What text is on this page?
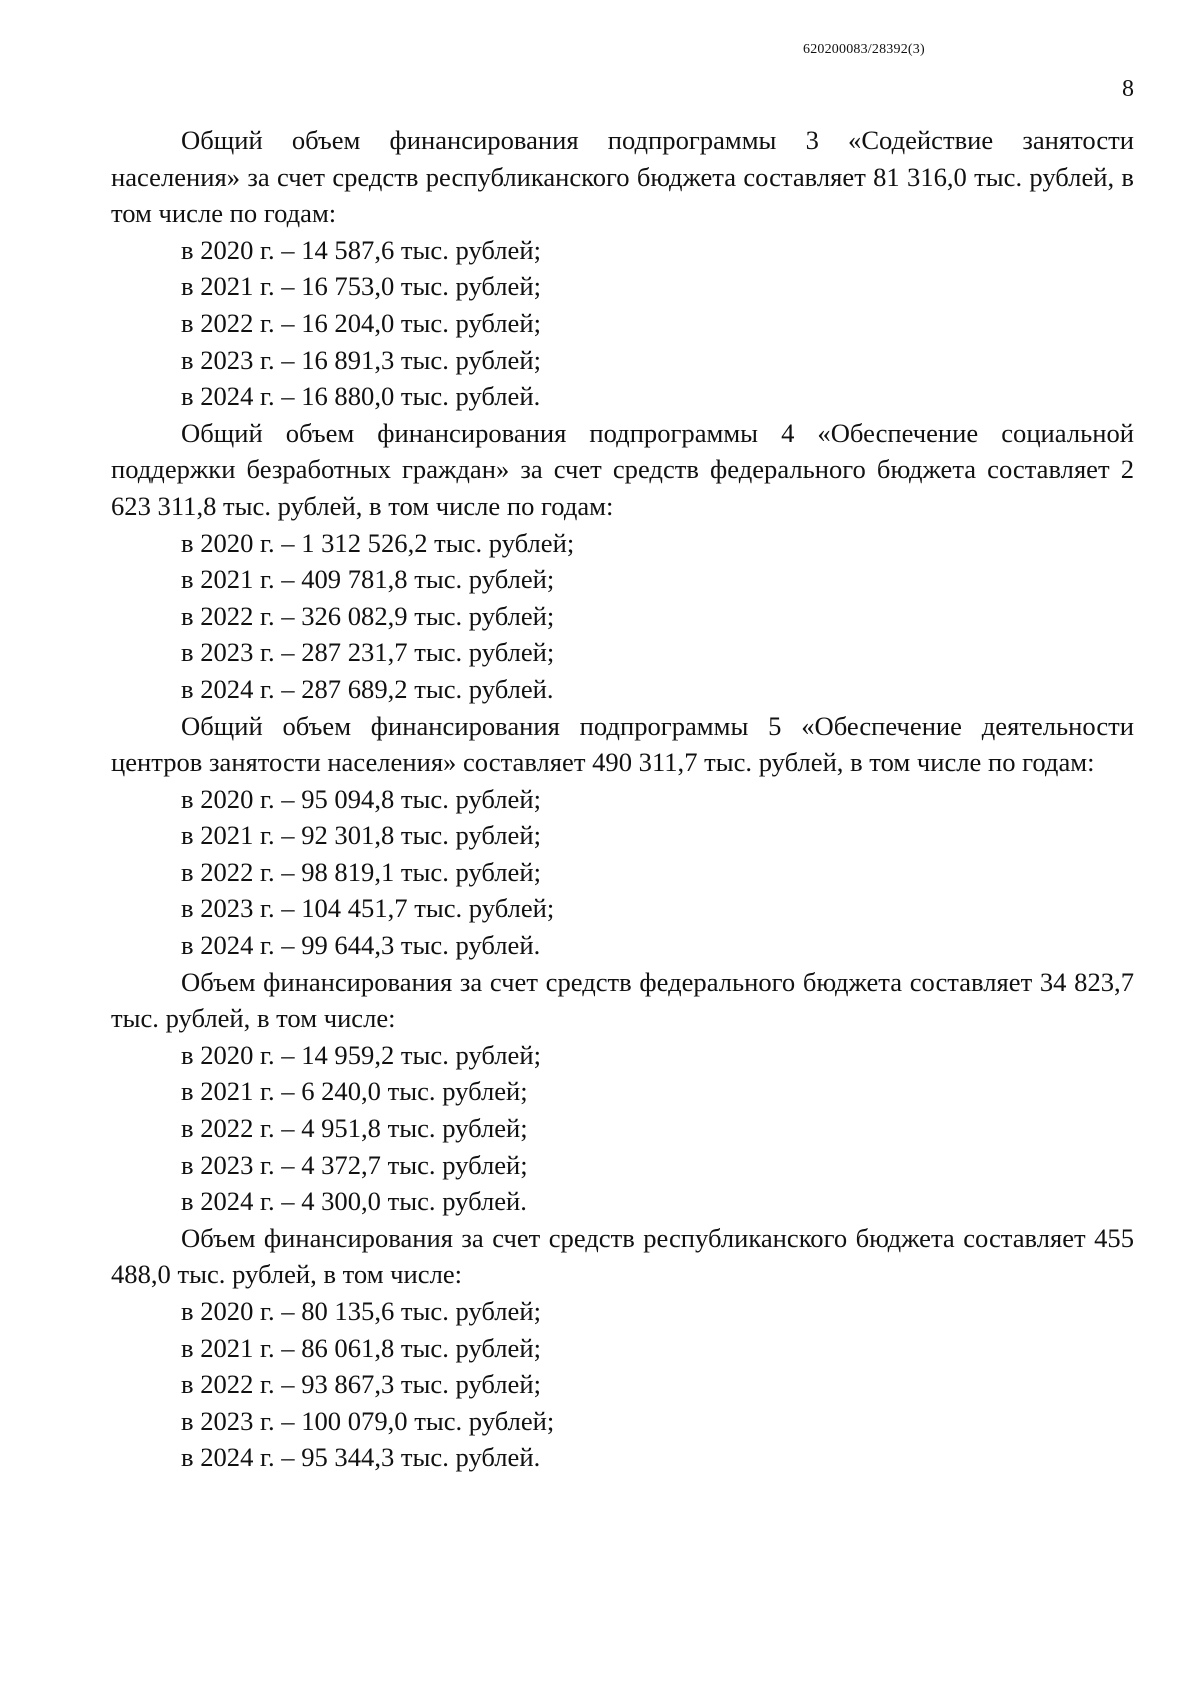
620200083/28392(3)
8

Общий объем финансирования подпрограммы 3 «Содействие занятости населения» за счет средств республиканского бюджета составляет 81 316,0 тыс. рублей, в том числе по годам:

в 2020 г. – 14 587,6 тыс. рублей;
в 2021 г. – 16 753,0 тыс. рублей;
в 2022 г. – 16 204,0 тыс. рублей;
в 2023 г. – 16 891,3 тыс. рублей;
в 2024 г. – 16 880,0 тыс. рублей.

Общий объем финансирования подпрограммы 4 «Обеспечение социальной поддержки безработных граждан» за счет средств федерального бюджета составляет 2 623 311,8 тыс. рублей, в том числе по годам:

в 2020 г. – 1 312 526,2 тыс. рублей;
в 2021 г. – 409 781,8 тыс. рублей;
в 2022 г. – 326 082,9 тыс. рублей;
в 2023 г. – 287 231,7 тыс. рублей;
в 2024 г. – 287 689,2 тыс. рублей.

Общий объем финансирования подпрограммы 5 «Обеспечение деятельности центров занятости населения» составляет 490 311,7 тыс. рублей, в том числе по годам:

в 2020 г. – 95 094,8 тыс. рублей;
в 2021 г. – 92 301,8 тыс. рублей;
в 2022 г. – 98 819,1 тыс. рублей;
в 2023 г. – 104 451,7 тыс. рублей;
в 2024 г. – 99 644,3 тыс. рублей.

Объем финансирования за счет средств федерального бюджета составляет 34 823,7 тыс. рублей, в том числе:

в 2020 г. – 14 959,2 тыс. рублей;
в 2021 г. – 6 240,0 тыс. рублей;
в 2022 г. – 4 951,8 тыс. рублей;
в 2023 г. – 4 372,7 тыс. рублей;
в 2024 г. – 4 300,0 тыс. рублей.

Объем финансирования за счет средств республиканского бюджета составляет 455 488,0 тыс. рублей, в том числе:

в 2020 г. – 80 135,6 тыс. рублей;
в 2021 г. – 86 061,8 тыс. рублей;
в 2022 г. – 93 867,3 тыс. рублей;
в 2023 г. – 100 079,0 тыс. рублей;
в 2024 г. – 95 344,3 тыс. рублей.
